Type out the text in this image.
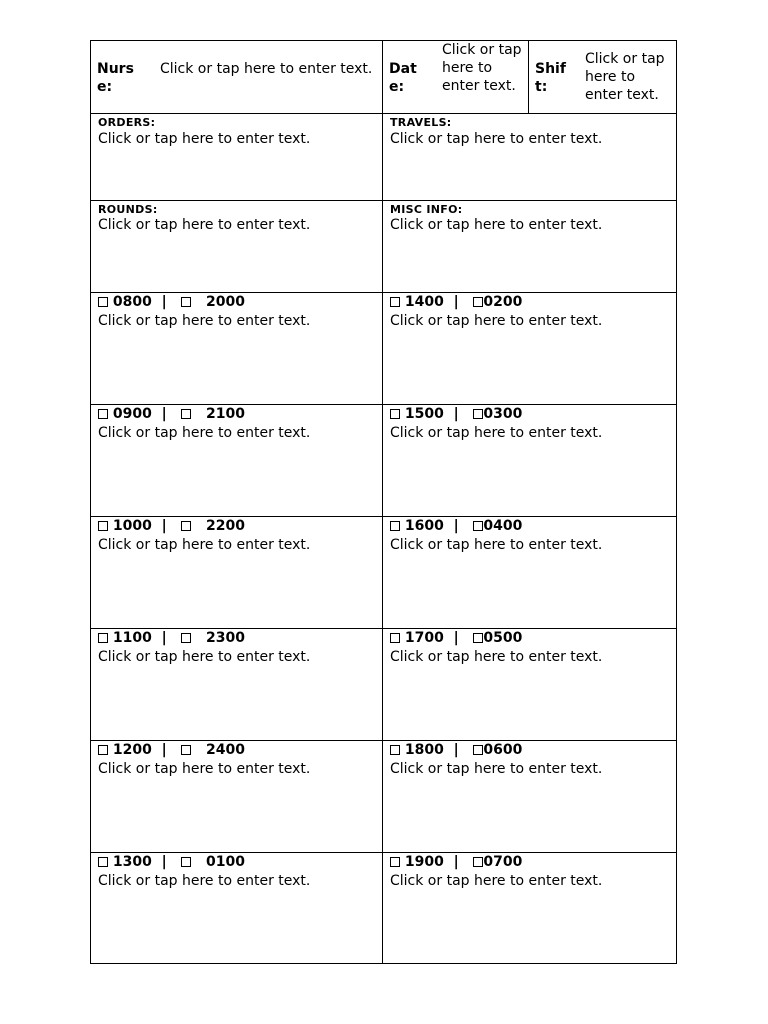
Nurse:
Click or tap here to enter text. Date:
Click or tap here to enter text.
Shift:
Click or tap here to enter text.
ORDERS:
Click or tap here to enter text.
TRAVELS:
Click or tap here to enter text.
ROUNDS:
Click or tap here to enter text.
MISC INFO:
Click or tap here to enter text.
0800 |	2000
Click or tap here to enter text.
1400 | 0200
Click or tap here to enter text.
0900 |	2100
Click or tap here to enter text.
1500 | 0300
Click or tap here to enter text.
1000 |	2200
Click or tap here to enter text.
1600 | 0400
Click or tap here to enter text.
1100 |	2300
Click or tap here to enter text.
1700 | 0500
Click or tap here to enter text.
1200 |	2400
Click or tap here to enter text.
1800 | 0600
Click or tap here to enter text.
1300 |	0100
Click or tap here to enter text.
1900 | 0700
Click or tap here to enter text.
